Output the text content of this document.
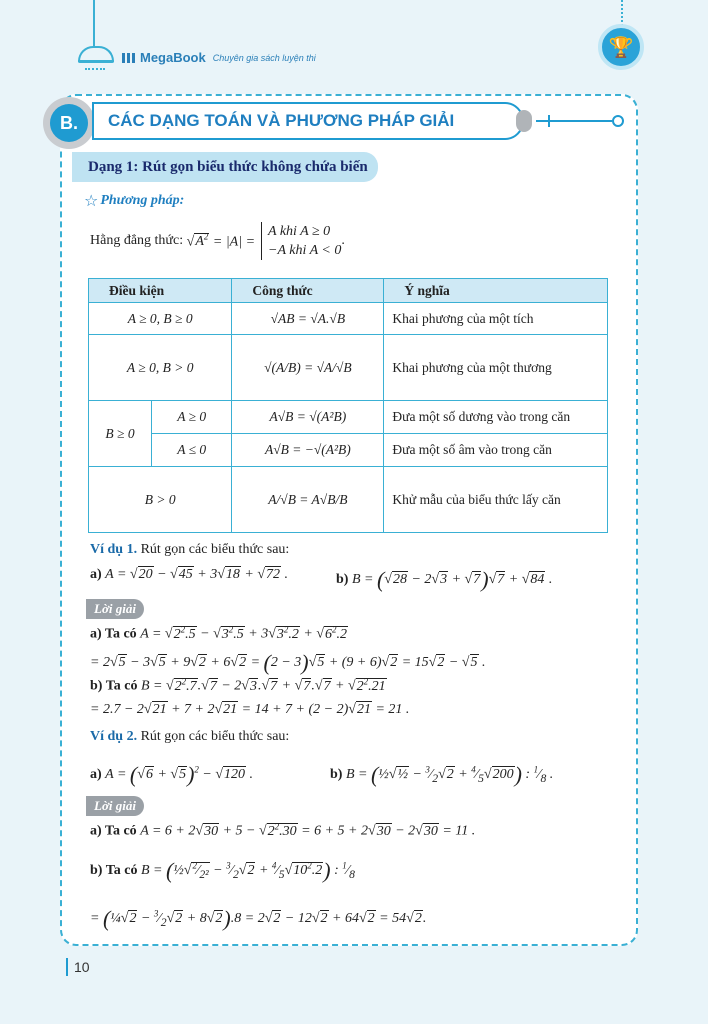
MegaBook Chuyên gia sách luyện thi	🏆
B.	CÁC DẠNG TOÁN VÀ PHƯƠNG PHÁP GIẢI
Dạng 1: Rút gọn biểu thức không chứa biến
☆ Phương pháp:
Hằng đẳng thức:
$√A^2 = |A|$ =
A khi A ≥ 0
−A khi A < 0
.
Điều kiện		Công thức	Ý nghĩa
A ≥ 0, B ≥ 0		√AB = √A.√B	Khai phương của một tích
A ≥ 0, B > 0		√(A/B) = √A/√B	Khai phương của một thương
B ≥ 0	A ≥ 0	A√B = √(A²B)	Đưa một số dương vào trong căn
	A ≤ 0	A√B = −√(A²B)	Đưa một số âm vào trong căn
B > 0		A/√B = A√B/B	Khử mẫu của biểu thức lấy căn
Ví dụ 1. Rút gọn các biểu thức sau:
a) A = √20 − √45 + 3√18 + √72 .	b) B = (√28 − 2√3 + √7)√7 + √84 .
Lời giải
a) Ta có $A = √2^2.5 - √3^2.5 + 3√3^2.2 + √6^2.2$
= 2√5 − 3√5 + 9√2 + 6√2 = (2 − 3)√5 + (9 + 6)√2 = 15√2 − √5 .
b) Ta có $B = √2^2.7.√7 - 2√3.√7 + √7.√7 + √2^2.21$
= 2.7 − 2√21 + 7 + 2√21 = 14 + 7 + (2 − 2)√21 = 21 .
Ví dụ 2. Rút gọn các biểu thức sau:
a) $A = (√6 + √5)^2 - √120$ .	b) B = (½√½ − $^3⁄_2√2$ + $^4⁄_5√200$) : $^1⁄_8$ .
Lời giải
a) Ta có $A = 6 + 2√30 + 5 - √2^2.30 = 6 + 5 + 2√30 - 2√30 = 11$ .
b) Ta có $B = (\frac{1}{2}√^2⁄_{2^2}$ − $^3⁄_2√2$ + $^4⁄_5√10^2.2$) : $^1⁄_8$
= (¼√2 − $^3⁄_2√2 + 8√2).8 = 2√2 - 12√2 + 64√2 = 54√2$.
10
